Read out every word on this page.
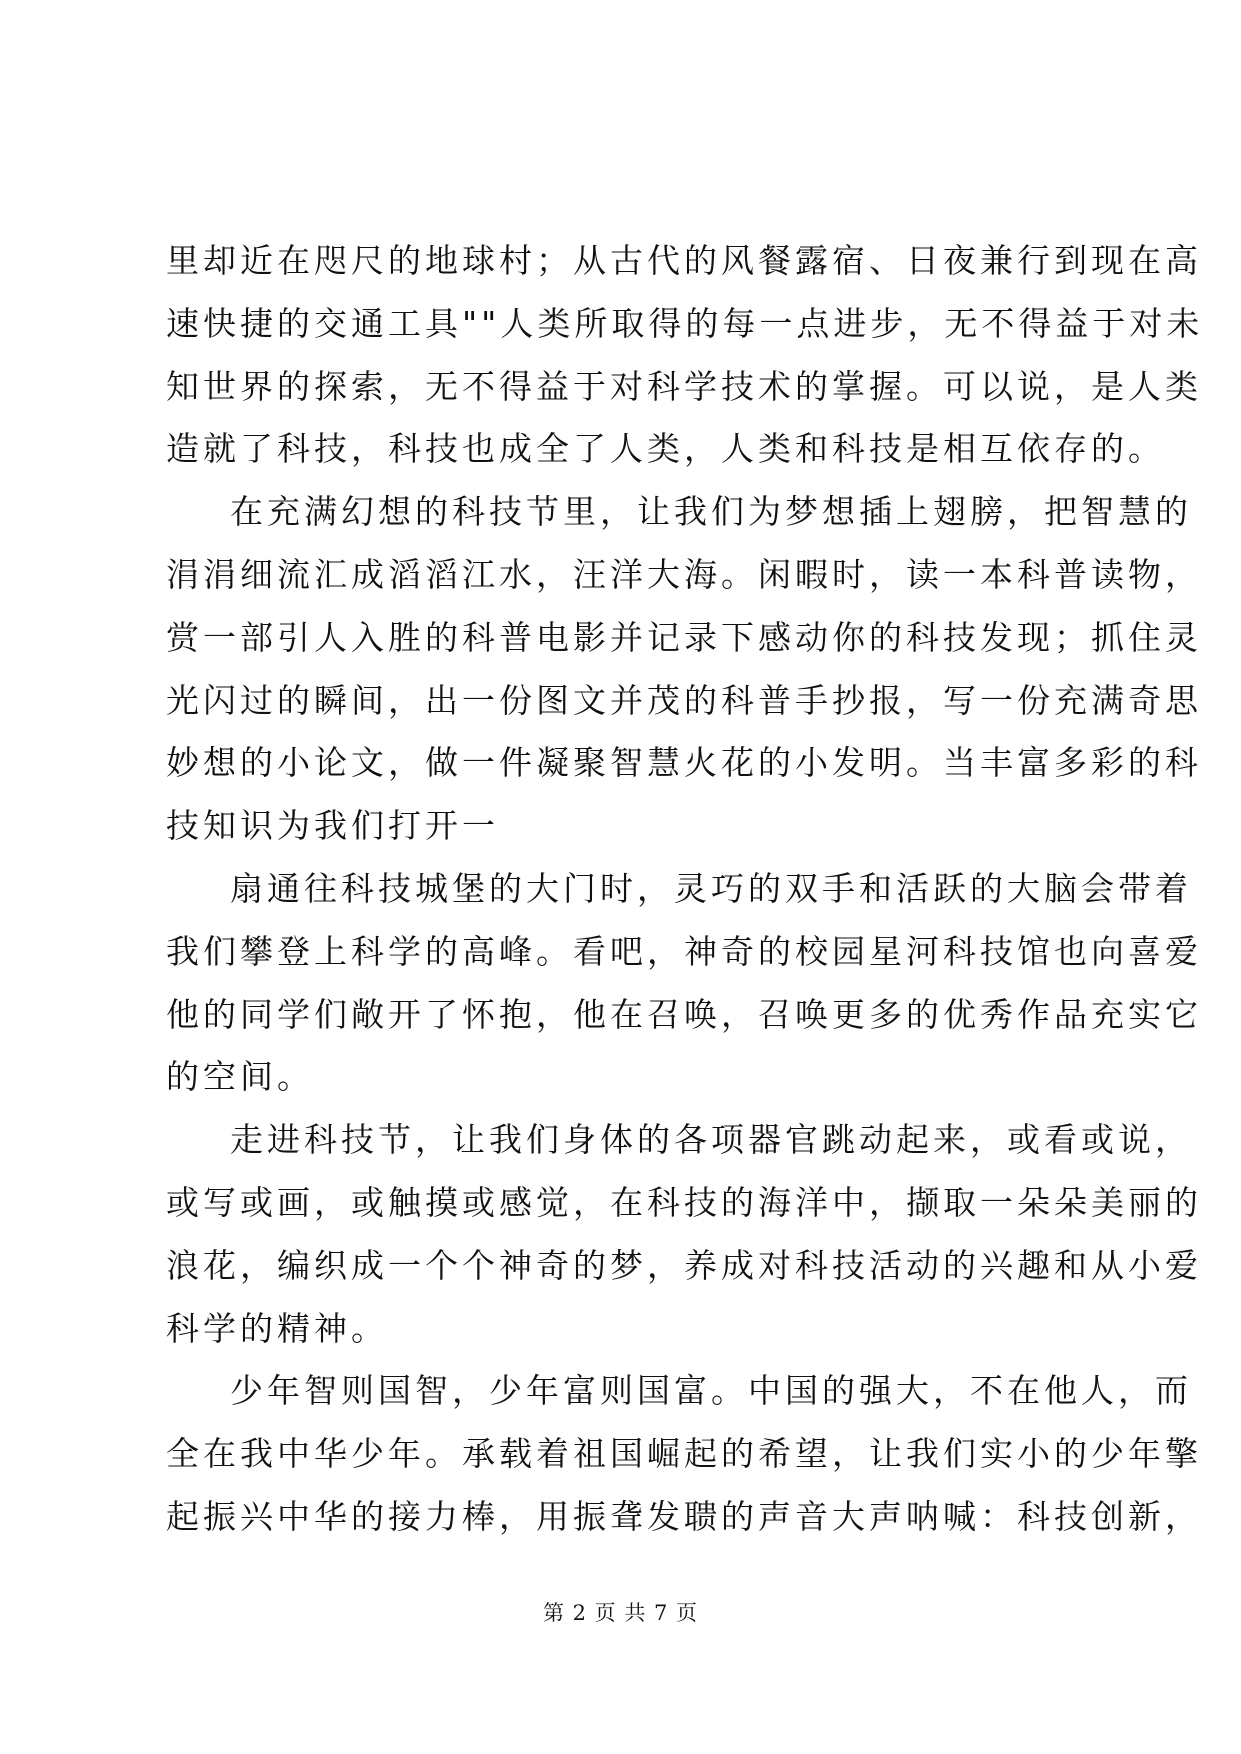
里却近在咫尺的地球村；从古代的风餐露宿、日夜兼行到现在高
速快捷的交通工具""人类所取得的每一点进步，无不得益于对未
知世界的探索，无不得益于对科学技术的掌握。可以说，是人类
造就了科技，科技也成全了人类，人类和科技是相互依存的。
在充满幻想的科技节里，让我们为梦想插上翅膀，把智慧的
涓涓细流汇成滔滔江水，汪洋大海。闲暇时，读一本科普读物，
赏一部引人入胜的科普电影并记录下感动你的科技发现；抓住灵
光闪过的瞬间，出一份图文并茂的科普手抄报，写一份充满奇思
妙想的小论文，做一件凝聚智慧火花的小发明。当丰富多彩的科
技知识为我们打开一
扇通往科技城堡的大门时，灵巧的双手和活跃的大脑会带着
我们攀登上科学的高峰。看吧，神奇的校园星河科技馆也向喜爱
他的同学们敞开了怀抱，他在召唤，召唤更多的优秀作品充实它
的空间。
走进科技节，让我们身体的各项器官跳动起来，或看或说，
或写或画，或触摸或感觉，在科技的海洋中，撷取一朵朵美丽的
浪花，编织成一个个神奇的梦，养成对科技活动的兴趣和从小爱
科学的精神。
少年智则国智，少年富则国富。中国的强大，不在他人，而
全在我中华少年。承载着祖国崛起的希望，让我们实小的少年擎
起振兴中华的接力棒，用振聋发聩的声音大声呐喊：科技创新，
第 2 页 共 7 页
